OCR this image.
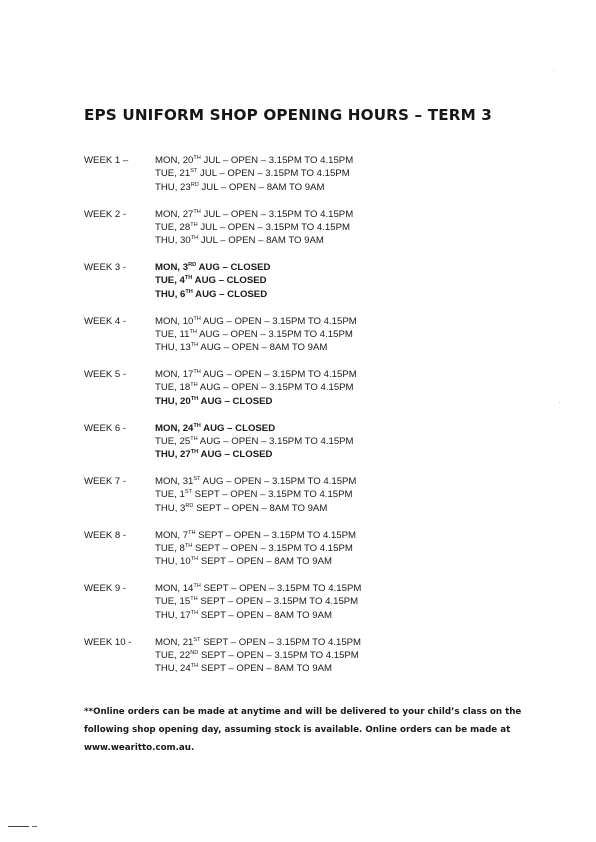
EPS UNIFORM SHOP OPENING HOURS – TERM 3
WEEK 1 –	MON, 20TH JUL – OPEN – 3.15PM TO 4.15PM
TUE, 21ST JUL – OPEN – 3.15PM TO 4.15PM
THU, 23RD JUL – OPEN – 8AM TO 9AM
WEEK 2 -	MON, 27TH JUL – OPEN – 3.15PM TO 4.15PM
TUE, 28TH JUL – OPEN – 3.15PM TO 4.15PM
THU, 30TH JUL – OPEN – 8AM TO 9AM
WEEK 3 -	MON, 3RD AUG – CLOSED
TUE, 4TH AUG – CLOSED
THU, 6TH AUG – CLOSED
WEEK 4 -	MON, 10TH AUG – OPEN – 3.15PM TO 4.15PM
TUE, 11TH AUG – OPEN – 3.15PM TO 4.15PM
THU, 13TH AUG – OPEN – 8AM TO 9AM
WEEK 5 -	MON, 17TH AUG – OPEN – 3.15PM TO 4.15PM
TUE, 18TH AUG – OPEN – 3.15PM TO 4.15PM
THU, 20TH AUG – CLOSED
WEEK 6 -	MON, 24TH AUG – CLOSED
TUE, 25TH AUG – OPEN – 3.15PM TO 4.15PM
THU, 27TH AUG – CLOSED
WEEK 7 -	MON, 31ST AUG – OPEN – 3.15PM TO 4.15PM
TUE, 1ST SEPT – OPEN – 3.15PM TO 4.15PM
THU, 3RD SEPT – OPEN – 8AM TO 9AM
WEEK 8 -	MON, 7TH SEPT – OPEN – 3.15PM TO 4.15PM
TUE, 8TH SEPT – OPEN – 3.15PM TO 4.15PM
THU, 10TH SEPT – OPEN – 8AM TO 9AM
WEEK 9 -	MON, 14TH SEPT – OPEN – 3.15PM TO 4.15PM
TUE, 15TH SEPT – OPEN – 3.15PM TO 4.15PM
THU, 17TH SEPT – OPEN – 8AM TO 9AM
WEEK 10 - MON, 21ST SEPT – OPEN – 3.15PM TO 4.15PM
TUE, 22ND SEPT – OPEN – 3.15PM TO 4.15PM
THU, 24TH SEPT – OPEN – 8AM TO 9AM
**Online orders can be made at anytime and will be delivered to your child’s class on the following shop opening day, assuming stock is available. Online orders can be made at www.wearitto.com.au.
